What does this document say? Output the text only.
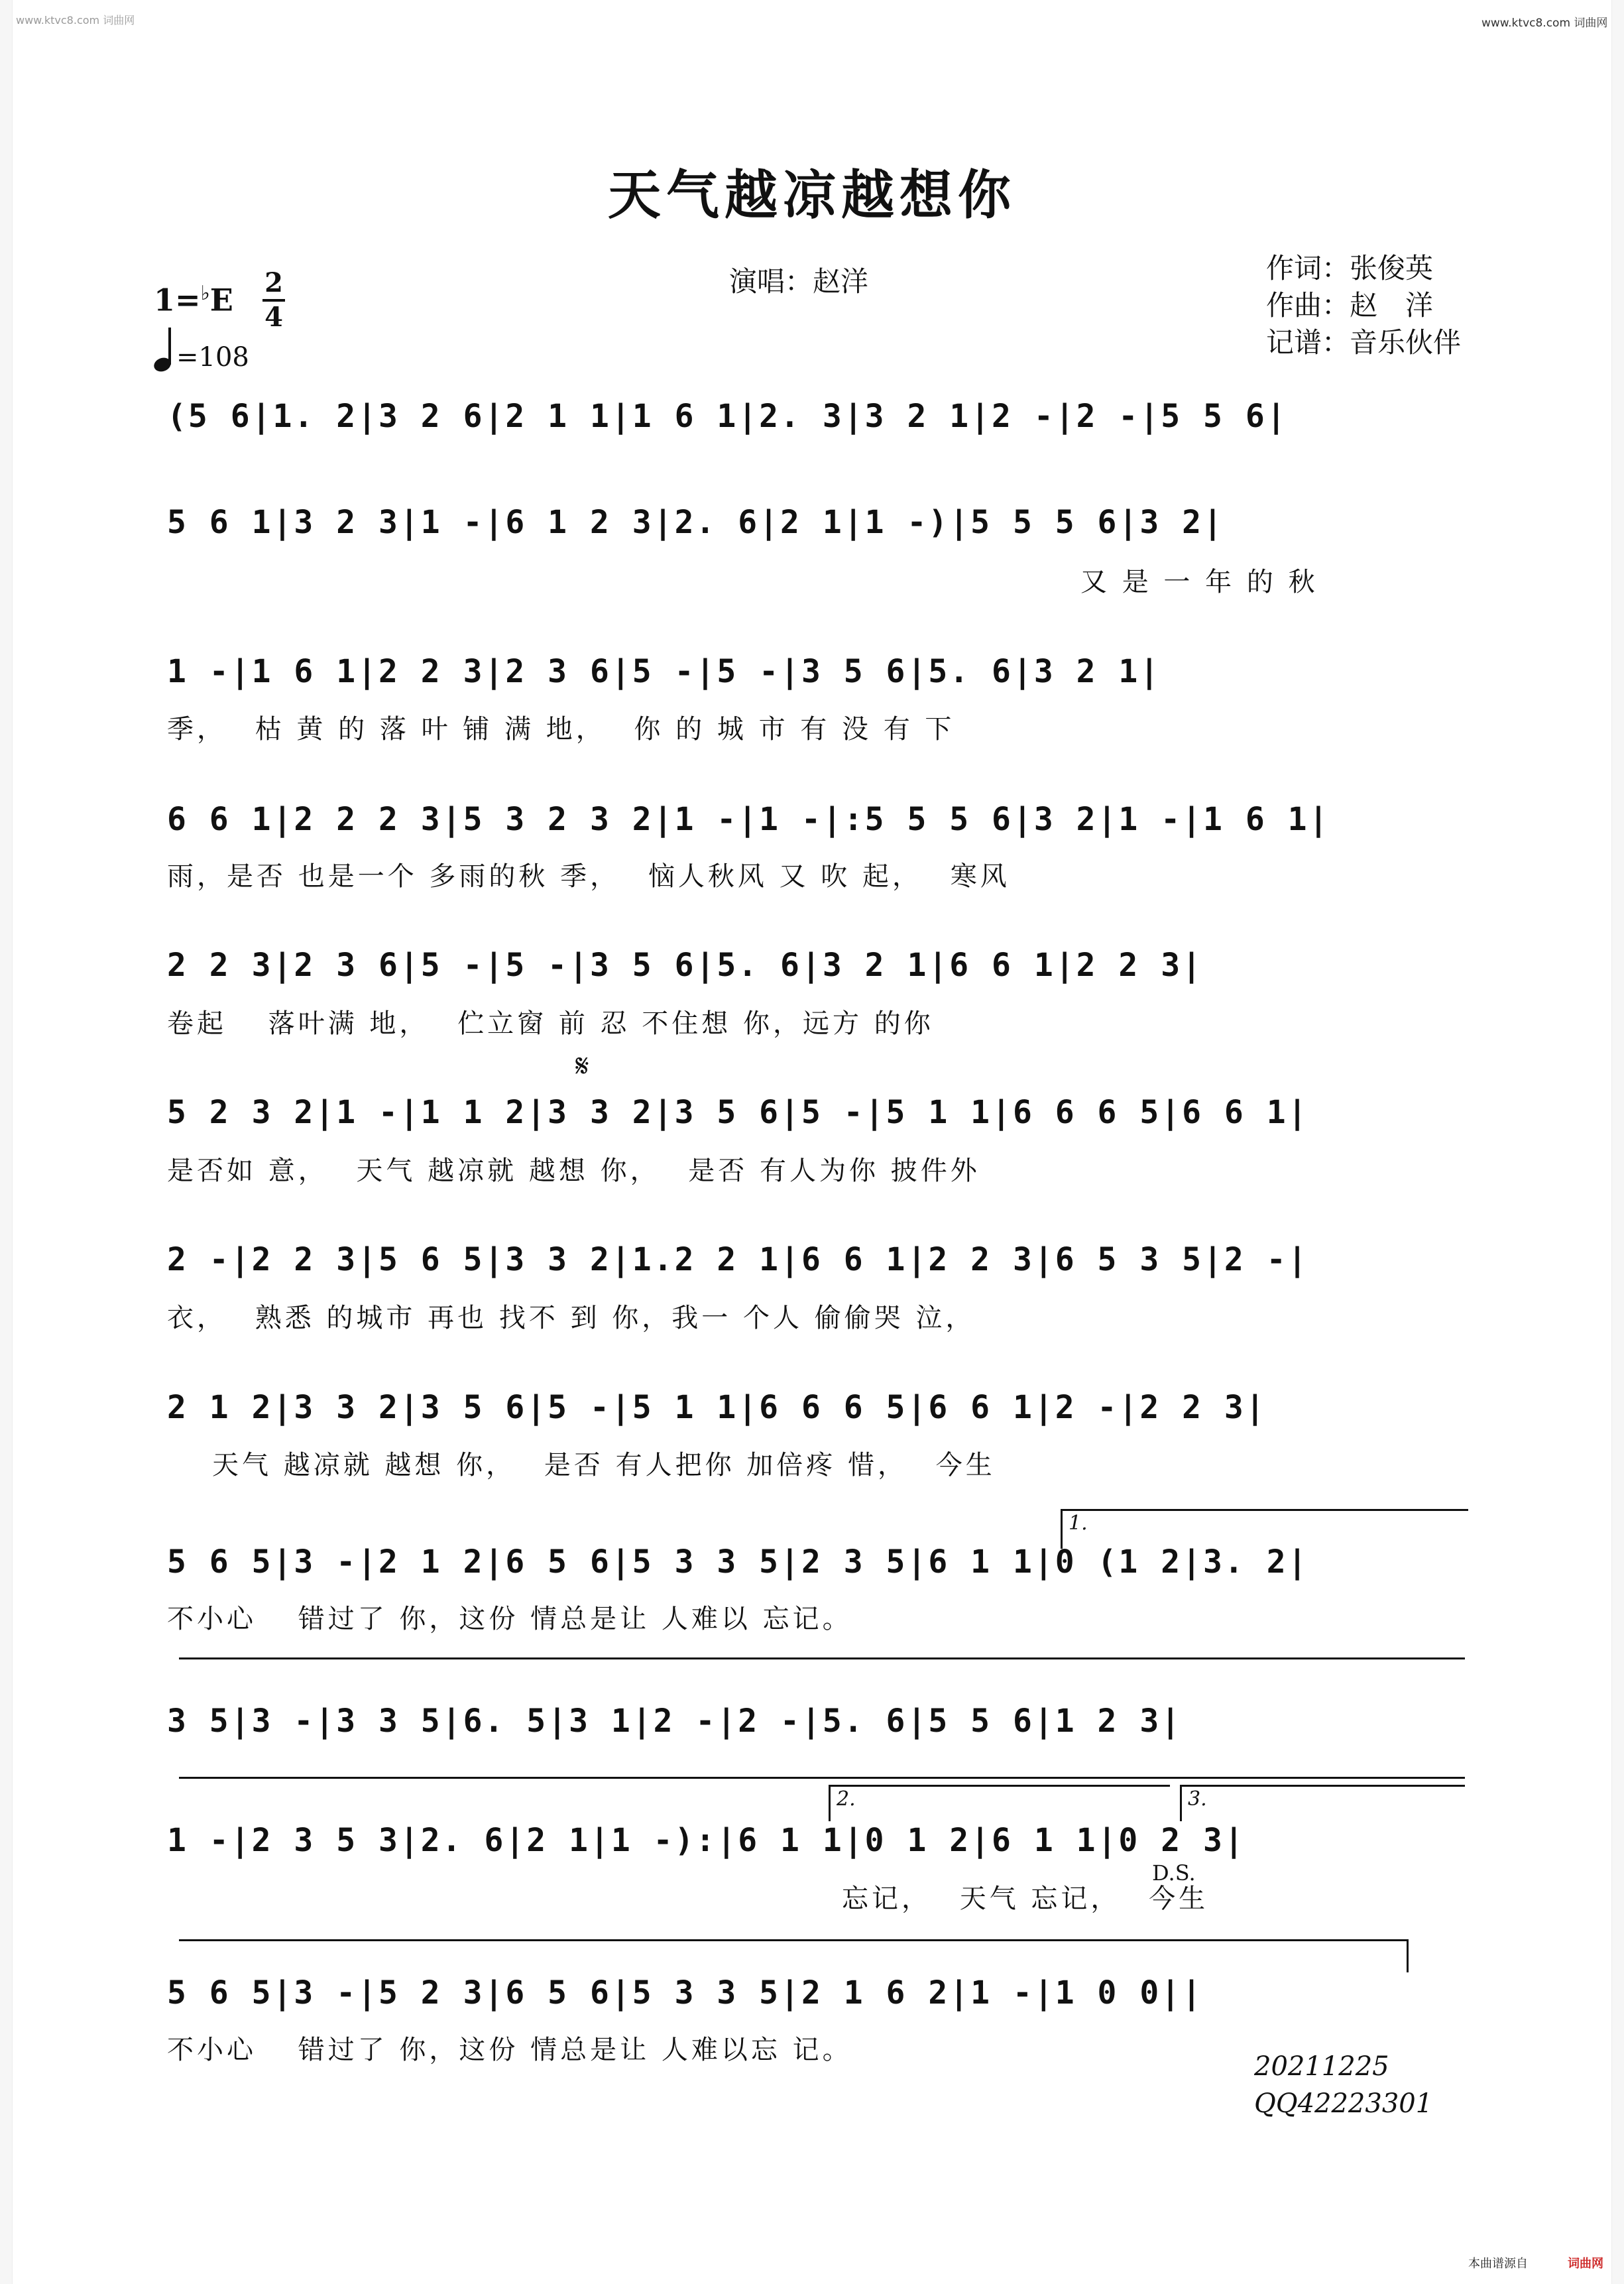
www.ktvc8.com 词曲网	www.ktvc8.com 词曲网
天气越凉越想你
演唱：赵洋	作词：张俊英
作曲：赵　洋
记谱：音乐伙伴
1=♭E 2
4
=108
(5 6|1. 2|3 2 6|2 1 1|1 6 1|2. 3|3 2 1|2 -|2 -|5 5 6|
5 6 1|3 2 3|1 -|6 1 2 3|2. 6|2 1|1 -)|5 5 5 6|3 2|
又 是 一 年 的 秋
1 -|1 6 1|2 2 3|2 3 6|5 -|5 -|3 5 6|5. 6|3 2 1|
季，　 枯 黄 的 落 叶 铺 满 地，　 你 的 城 市 有 没 有 下
6 6 1|2 2 2 3|5 3 2 3 2|1 -|1 -|:5 5 5 6|3 2|1 -|1 6 1|
雨，是否 也是一个 多雨的秋 季，　 恼人秋风 又 吹 起，　 寒风
2 2 3|2 3 6|5 -|5 -|3 5 6|5. 6|3 2 1|6 6 1|2 2 3|
卷起　 落叶满 地，　 伫立窗 前 忍 不住想 你，远方 的你
𝄋
5 2 3 2|1 -|1 1 2|3 3 2|3 5 6|5 -|5 1 1|6 6 6 5|6 6 1|
是否如 意，　 天气 越凉就 越想 你，　 是否 有人为你 披件外
2 -|2 2 3|5 6 5|3 3 2|1.2 2 1|6 6 1|2 2 3|6 5 3 5|2 -|
衣，　 熟悉 的城市 再也 找不 到 你，我一 个人 偷偷哭 泣，
2 1 2|3 3 2|3 5 6|5 -|5 1 1|6 6 6 5|6 6 1|2 -|2 2 3|
天气 越凉就 越想 你，　 是否 有人把你 加倍疼 惜，　 今生
1.
5 6 5|3 -|2 1 2|6 5 6|5 3 3 5|2 3 5|6 1 1|0 (1 2|3. 2|
不小心　 错过了 你，这份 情总是让 人难以 忘记。
3 5|3 -|3 3 5|6. 5|3 1|2 -|2 -|5. 6|5 5 6|1 2 3|
2.	3.
1 -|2 3 5 3|2. 6|2 1|1 -):|6 1 1|0 1 2|6 1 1|0 2 3|
D.S.
忘记，　 天气 忘记，　 今生
5 6 5|3 -|5 2 3|6 5 6|5 3 3 5|2 1 6 2|1 -|1 0 0||
不小心　 错过了 你，这份 情总是让 人难以忘 记。
20211225
QQ42223301
本曲谱源自	词曲网
